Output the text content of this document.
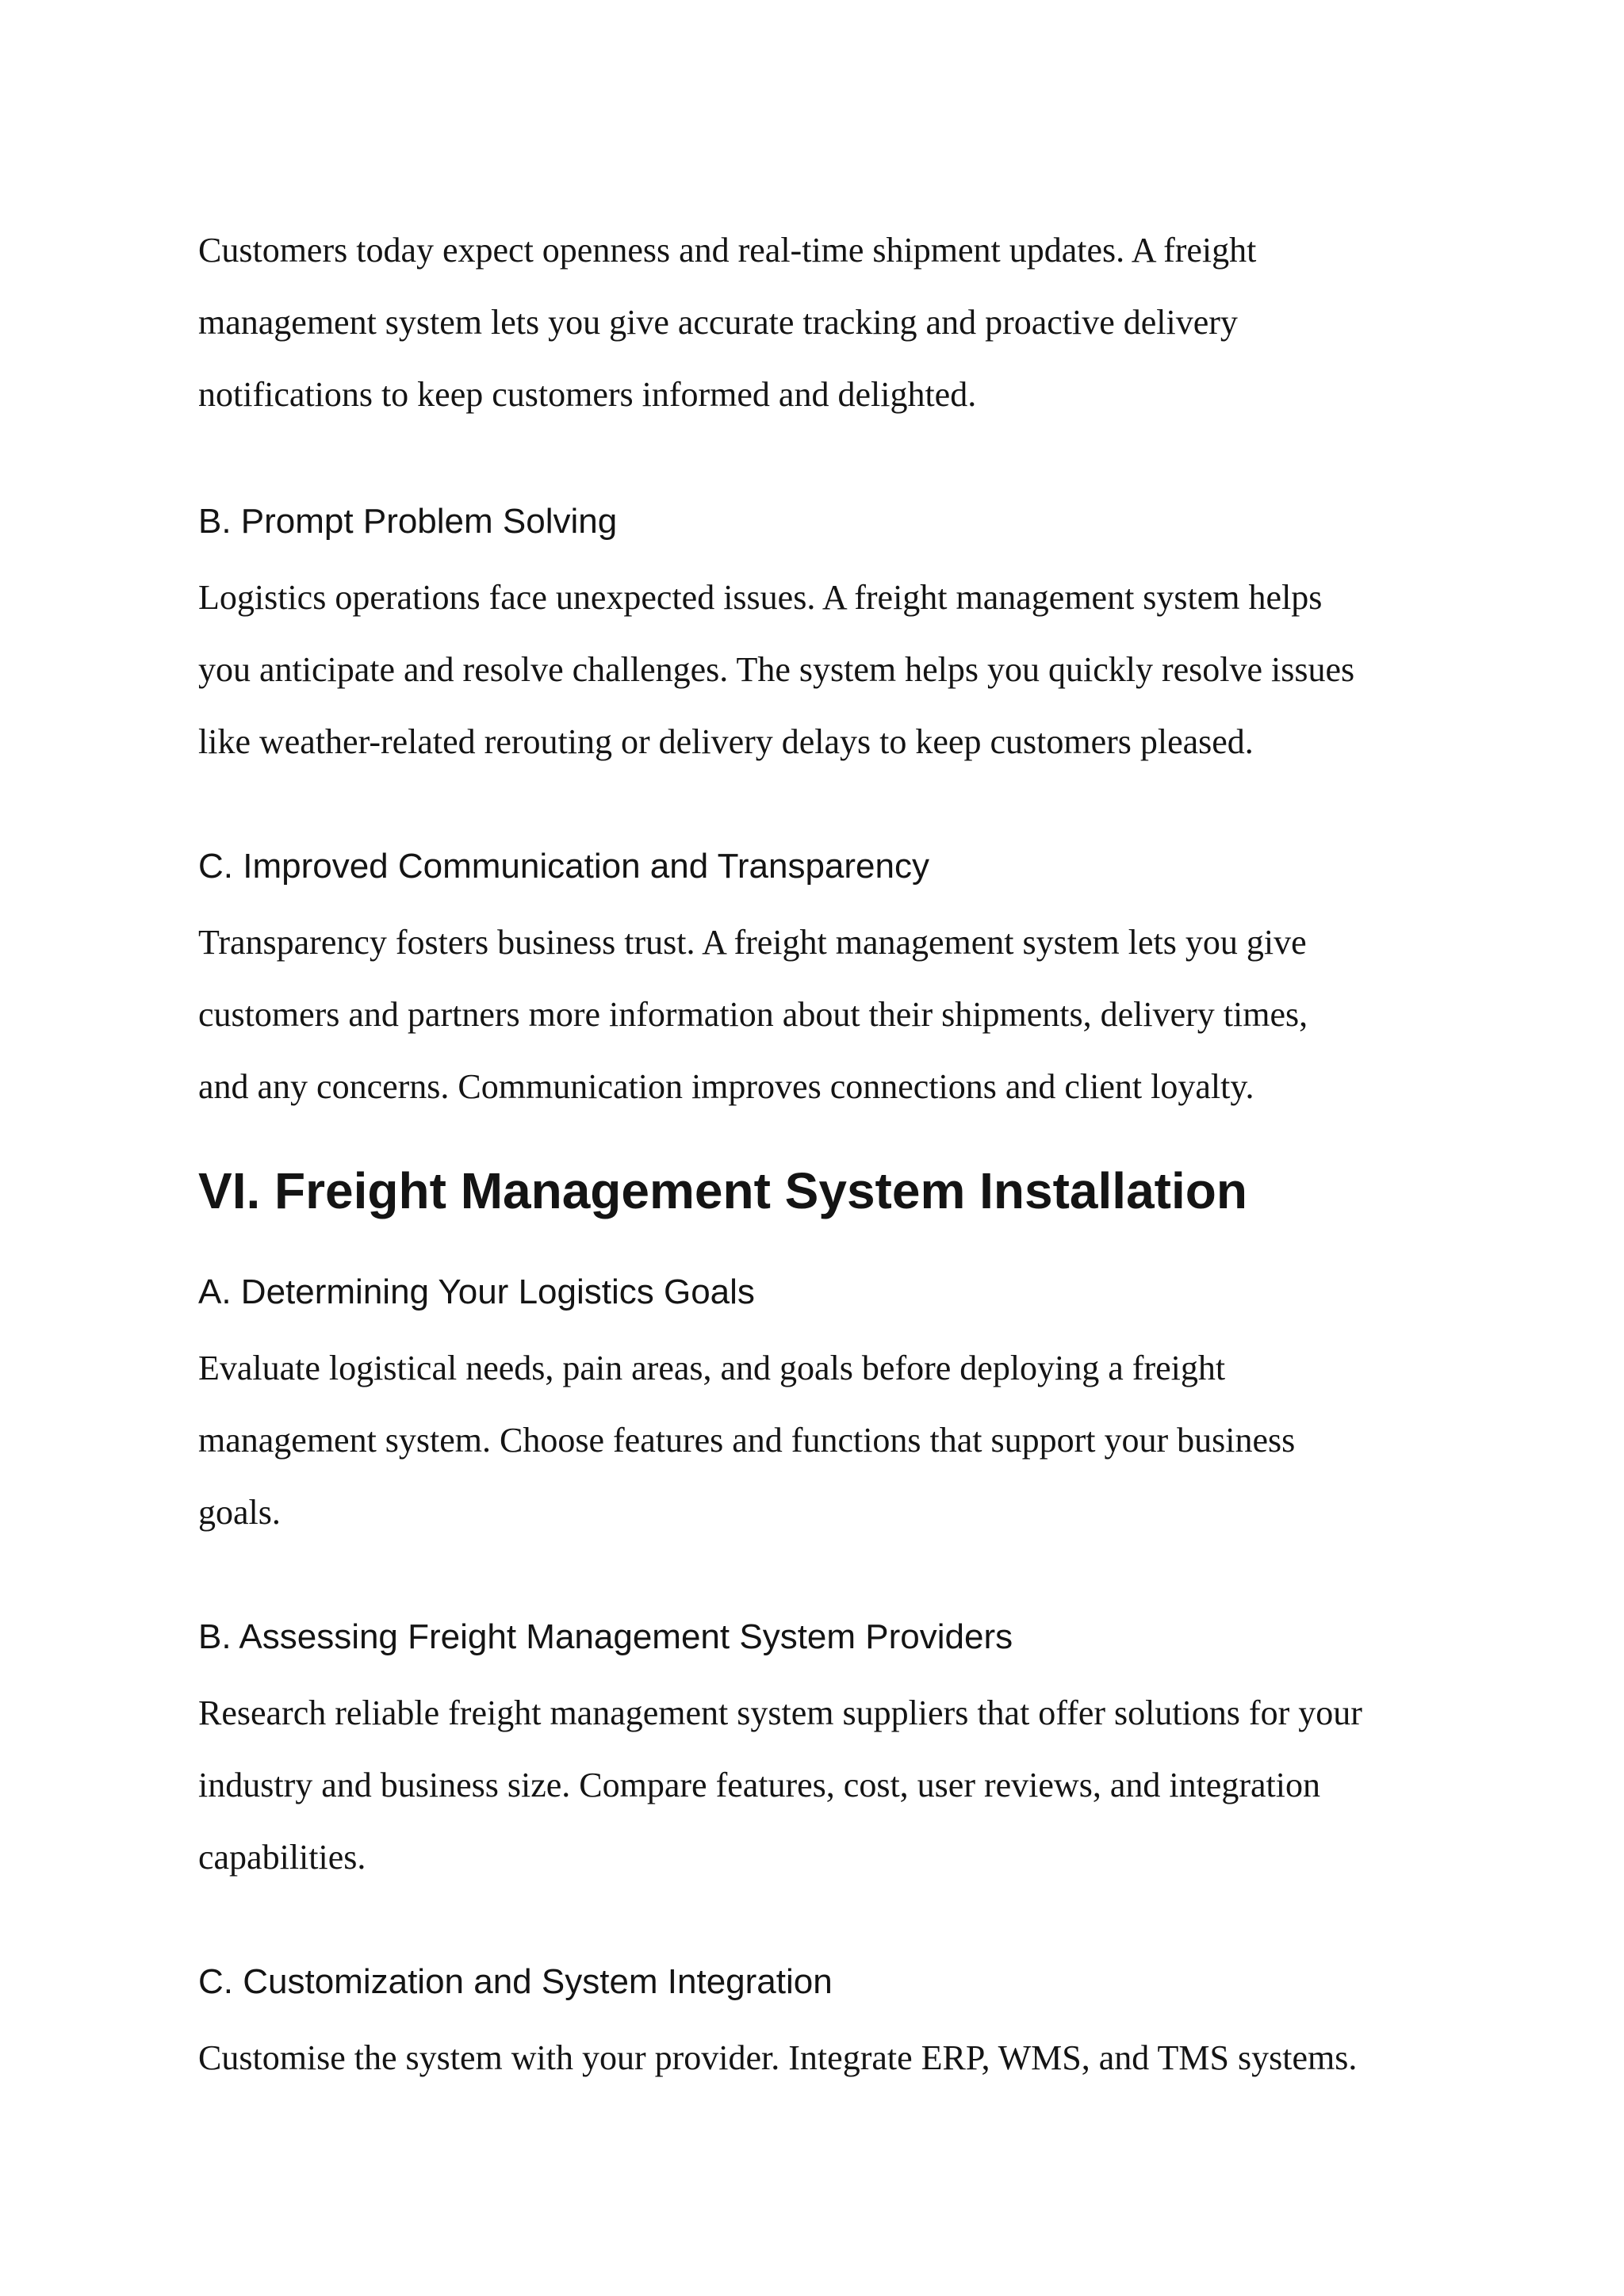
Customers today expect openness and real-time shipment updates. A freight
management system lets you give accurate tracking and proactive delivery
notifications to keep customers informed and delighted.

B. Prompt Problem Solving

Logistics operations face unexpected issues. A freight management system helps
you anticipate and resolve challenges. The system helps you quickly resolve issues
like weather-related rerouting or delivery delays to keep customers pleased.

C. Improved Communication and Transparency

Transparency fosters business trust. A freight management system lets you give
customers and partners more information about their shipments, delivery times,
and any concerns. Communication improves connections and client loyalty.

VI. Freight Management System Installation
A. Determining Your Logistics Goals

Evaluate logistical needs, pain areas, and goals before deploying a freight
management system. Choose features and functions that support your business
goals.

B. Assessing Freight Management System Providers

Research reliable freight management system suppliers that offer solutions for your
industry and business size. Compare features, cost, user reviews, and integration
capabilities.

C. Customization and System Integration

Customise the system with your provider. Integrate ERP, WMS, and TMS systems.
